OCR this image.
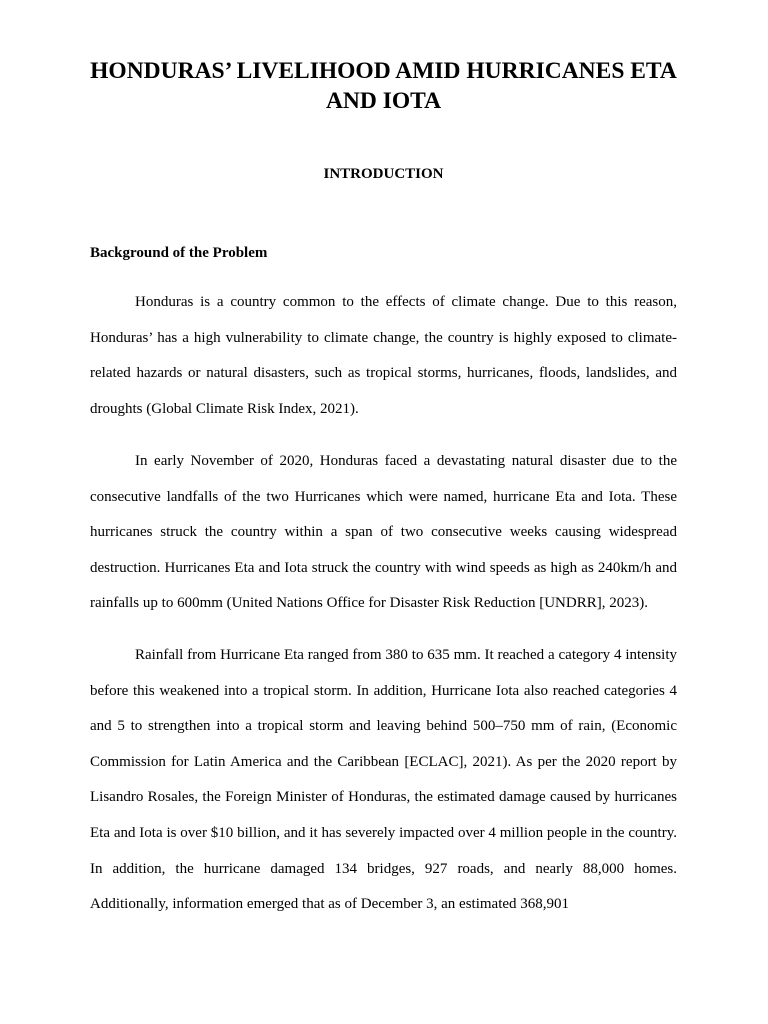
HONDURAS’ LIVELIHOOD AMID HURRICANES ETA AND IOTA
INTRODUCTION
Background of the Problem

Honduras is a country common to the effects of climate change. Due to this reason, Honduras’ has a high vulnerability to climate change, the country is highly exposed to climate-related hazards or natural disasters, such as tropical storms, hurricanes, floods, landslides, and droughts (Global Climate Risk Index, 2021).

In early November of 2020, Honduras faced a devastating natural disaster due to the consecutive landfalls of the two Hurricanes which were named, hurricane Eta and Iota. These hurricanes struck the country within a span of two consecutive weeks causing widespread destruction. Hurricanes Eta and Iota struck the country with wind speeds as high as 240km/h and rainfalls up to 600mm (United Nations Office for Disaster Risk Reduction [UNDRR], 2023).

Rainfall from Hurricane Eta ranged from 380 to 635 mm. It reached a category 4 intensity before this weakened into a tropical storm. In addition, Hurricane Iota also reached categories 4 and 5 to strengthen into a tropical storm and leaving behind 500–750 mm of rain, (Economic Commission for Latin America and the Caribbean [ECLAC], 2021). As per the 2020 report by Lisandro Rosales, the Foreign Minister of Honduras, the estimated damage caused by hurricanes Eta and Iota is over $10 billion, and it has severely impacted over 4 million people in the country. In addition, the hurricane damaged 134 bridges, 927 roads, and nearly 88,000 homes. Additionally, information emerged that as of December 3, an estimated 368,901
